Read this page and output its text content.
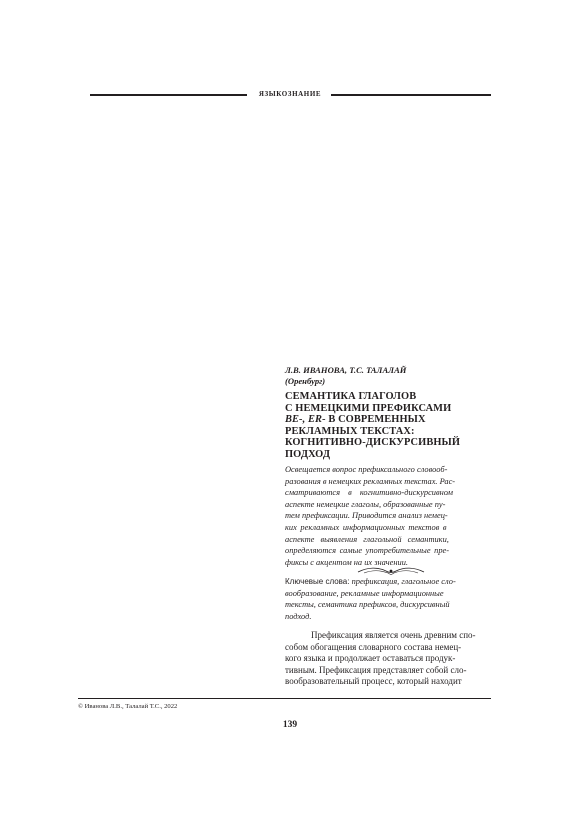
ЯЗЫКОЗНАНИЕ
Л.В. ИВАНОВА, Т.С. ТАЛАЛАЙ
(Оренбург)
СЕМАНТИКА ГЛАГОЛОВ
С НЕМЕЦКИМИ ПРЕФИКСАМИ
BE-, ER- В СОВРЕМЕННЫХ
РЕКЛАМНЫХ ТЕКСТАХ:
КОГНИТИВНО-ДИСКУРСИВНЫЙ
ПОДХОД
Освещается вопрос префиксального словооб-
разования в немецких рекламных текстах. Рас-
сматриваются в когнитивно-дискурсивном
аспекте немецкие глаголы, образованные пу-
тем префиксации. Приводится анализ немец-
ких рекламных информационных текстов в
аспекте выявления глагольной семантики,
определяются самые употребительные пре-
фиксы с акцентом на их значении.
Ключевые слова: префиксация, глагольное сло-
вообразование, рекламные информационные
тексты, семантика префиксов, дискурсивный
подход.
Префиксация является очень древним спо-
собом обогащения словарного состава немец-
кого языка и продолжает оставаться продук-
тивным. Префиксация представляет собой сло-
вообразовательный процесс, который находит
© Иванова Л.В., Талалай Т.С., 2022
139
